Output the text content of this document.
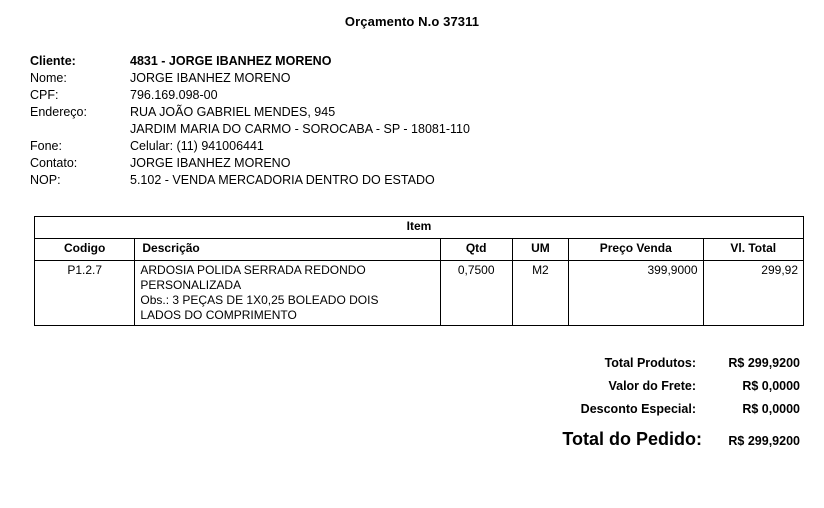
Orçamento N.o 37311
Cliente:	4831 - JORGE IBANHEZ MORENO
Nome:	JORGE IBANHEZ MORENO
CPF:	796.169.098-00
Endereço:	RUA JOÃO GABRIEL MENDES, 945
JARDIM MARIA DO CARMO - SOROCABA - SP - 18081-110
Fone:	Celular: (11) 941006441
Contato:	JORGE IBANHEZ MORENO
NOP:	5.102 - VENDA MERCADORIA DENTRO DO ESTADO
Item					
Codigo	Descrição	Qtd	UM	Preço Venda	Vl. Total
P1.2.7	ARDOSIA POLIDA SERRADA REDONDO
PERSONALIZADA
Obs.: 3 PEÇAS DE 1X0,25 BOLEADO DOIS
LADOS DO COMPRIMENTO	0,7500	M2	399,9000	299,92
Total Produtos:	R$ 299,9200
Valor do Frete:	R$ 0,0000
Desconto Especial:	R$ 0,0000
Total do Pedido:	R$ 299,9200
